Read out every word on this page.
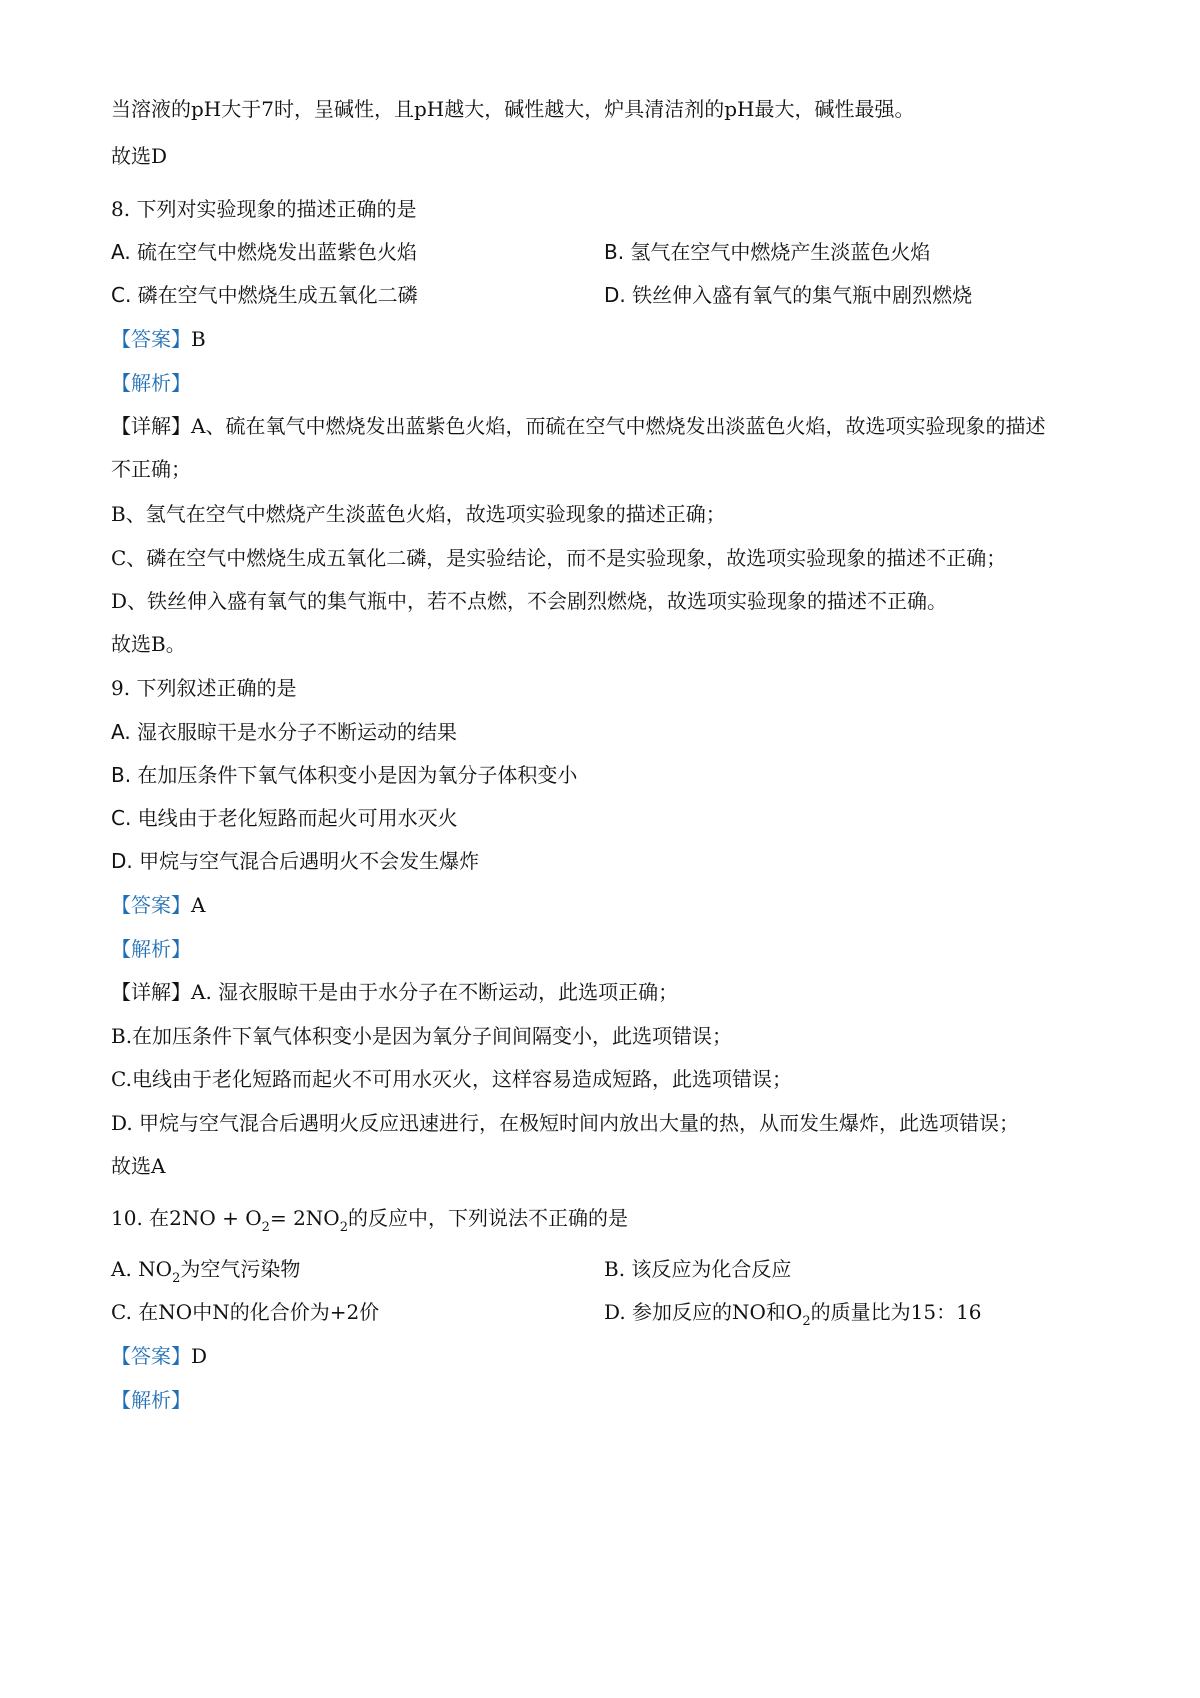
当溶液的pH大于7时，呈碱性，且pH越大，碱性越大，炉具清洁剂的pH最大，碱性最强。
故选D
8. 下列对实验现象的描述正确的是
A. 硫在空气中燃烧发出蓝紫色火焰	B. 氢气在空气中燃烧产生淡蓝色火焰
C. 磷在空气中燃烧生成五氧化二磷	D. 铁丝伸入盛有氧气的集气瓶中剧烈燃烧
【答案】B
【解析】
【详解】A、硫在氧气中燃烧发出蓝紫色火焰，而硫在空气中燃烧发出淡蓝色火焰，故选项实验现象的描述
不正确；
B、氢气在空气中燃烧产生淡蓝色火焰，故选项实验现象的描述正确；
C、磷在空气中燃烧生成五氧化二磷，是实验结论，而不是实验现象，故选项实验现象的描述不正确；
D、铁丝伸入盛有氧气的集气瓶中，若不点燃，不会剧烈燃烧，故选项实验现象的描述不正确。
故选B。
9. 下列叙述正确的是
A. 湿衣服晾干是水分子不断运动的结果
B. 在加压条件下氧气体积变小是因为氧分子体积变小
C. 电线由于老化短路而起火可用水灭火
D. 甲烷与空气混合后遇明火不会发生爆炸
【答案】A
【解析】
【详解】A. 湿衣服晾干是由于水分子在不断运动，此选项正确；
B.在加压条件下氧气体积变小是因为氧分子间间隔变小，此选项错误；
C.电线由于老化短路而起火不可用水灭火，这样容易造成短路，此选项错误；
D. 甲烷与空气混合后遇明火反应迅速进行，在极短时间内放出大量的热，从而发生爆炸，此选项错误；
故选A
10. 在$2NO + O_2= 2NO_2$的反应中，下列说法不正确的是
A. $NO_2$为空气污染物	B. 该反应为化合反应
C. 在NO中N的化合价为+2价	D. 参加反应的NO和$O_2$的质量比为15：16
【答案】D
【解析】
